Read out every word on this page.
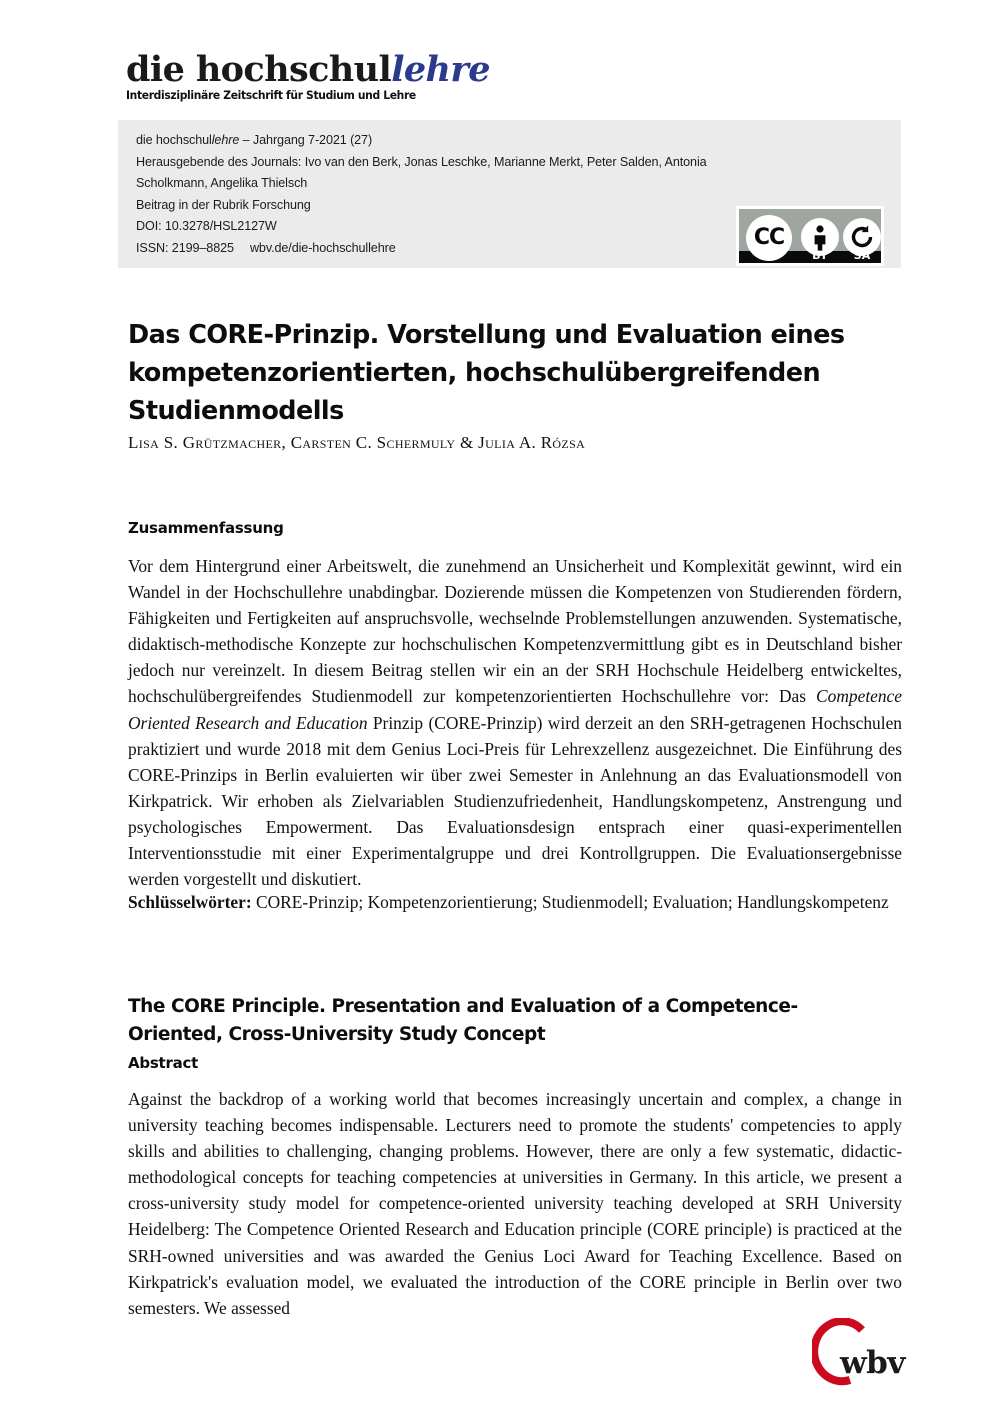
die hochschullehre
Interdisziplinäre Zeitschrift für Studium und Lehre
die hochschullehre – Jahrgang 7-2021 (27)
Herausgebende des Journals: Ivo van den Berk, Jonas Leschke, Marianne Merkt, Peter Salden, Antonia Scholkmann, Angelika Thielsch
Beitrag in der Rubrik Forschung
DOI: 10.3278/HSL2127W
ISSN: 2199–8825 wbv.de/die-hochschullehre	CC
BY	SA
Das CORE-Prinzip. Vorstellung und Evaluation eines kompetenzorientierten, hochschulübergreifenden Studienmodells
Lisa S. Grützmacher, Carsten C. Schermuly & Julia A. Rózsa
Zusammenfassung
Vor dem Hintergrund einer Arbeitswelt, die zunehmend an Unsicherheit und Komplexität gewinnt, wird ein Wandel in der Hochschullehre unabdingbar. Dozierende müssen die Kompetenzen von Studierenden fördern, Fähigkeiten und Fertigkeiten auf anspruchsvolle, wechselnde Problemstellungen anzuwenden. Systematische, didaktisch-methodische Konzepte zur hochschulischen Kompetenzvermittlung gibt es in Deutschland bisher jedoch nur vereinzelt. In diesem Beitrag stellen wir ein an der SRH Hochschule Heidelberg entwickeltes, hochschulübergreifendes Studienmodell zur kompetenzorientierten Hochschullehre vor: Das Competence Oriented Research and Education Prinzip (CORE-Prinzip) wird derzeit an den SRH-getragenen Hochschulen praktiziert und wurde 2018 mit dem Genius Loci-Preis für Lehrexzellenz ausgezeichnet. Die Einführung des CORE-Prinzips in Berlin evaluierten wir über zwei Semester in Anlehnung an das Evaluationsmodell von Kirkpatrick. Wir erhoben als Zielvariablen Studienzufriedenheit, Handlungskompetenz, Anstrengung und psychologisches Empowerment. Das Evaluationsdesign entsprach einer quasi-experimentellen Interventionsstudie mit einer Experimentalgruppe und drei Kontrollgruppen. Die Evaluationsergebnisse werden vorgestellt und diskutiert.
Schlüsselwörter: CORE-Prinzip; Kompetenzorientierung; Studienmodell; Evaluation; Handlungskompetenz
The CORE Principle. Presentation and Evaluation of a Competence-Oriented, Cross-University Study Concept
Abstract
Against the backdrop of a working world that becomes increasingly uncertain and complex, a change in university teaching becomes indispensable. Lecturers need to promote the students' competencies to apply skills and abilities to challenging, changing problems. However, there are only a few systematic, didactic-methodological concepts for teaching competencies at universities in Germany. In this article, we present a cross-university study model for competence-oriented university teaching developed at SRH University Heidelberg: The Competence Oriented Research and Education principle (CORE principle) is practiced at the SRH-owned universities and was awarded the Genius Loci Award for Teaching Excellence. Based on Kirkpatrick's evaluation model, we evaluated the introduction of the CORE principle in Berlin over two semesters. We assessed
wbv
